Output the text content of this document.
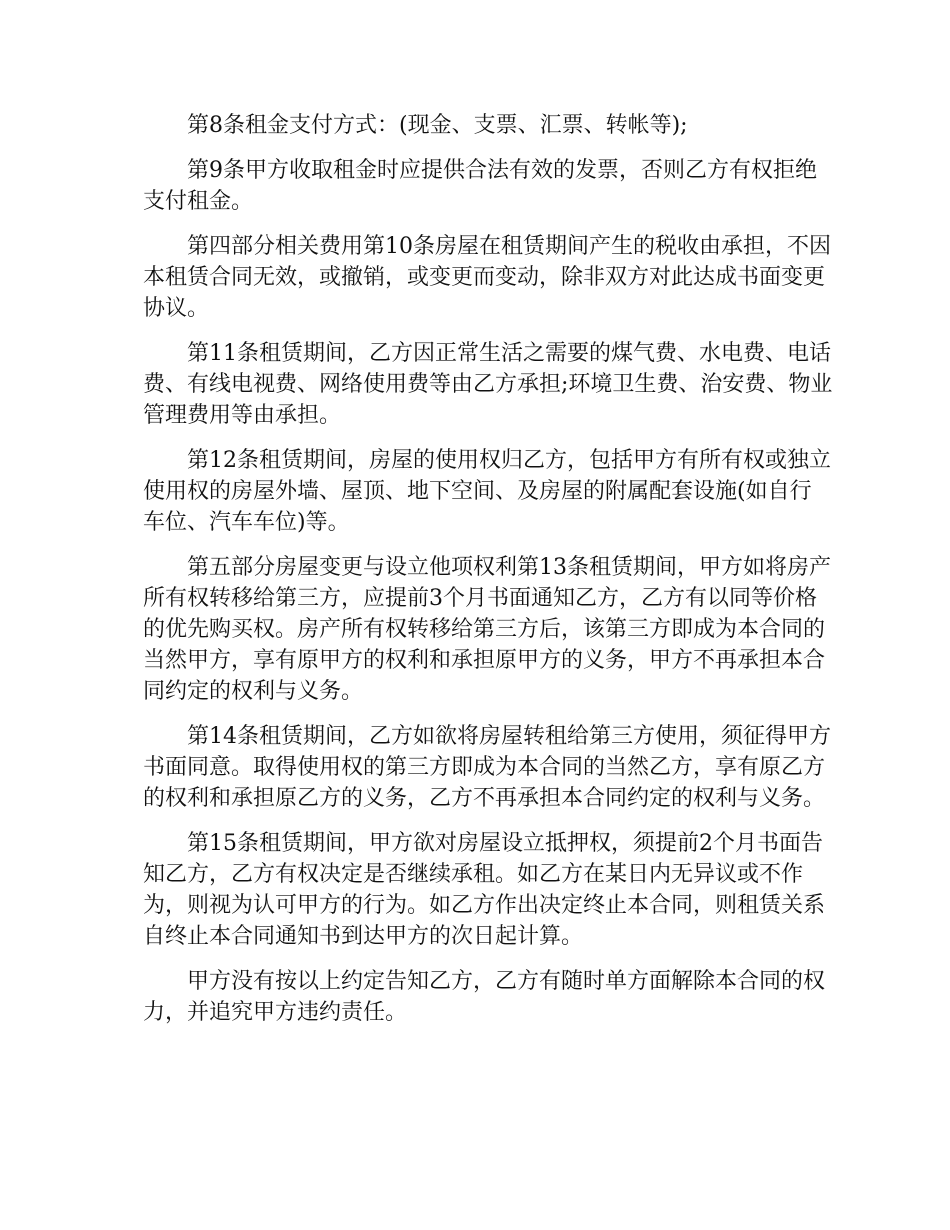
第8条租金支付方式：(现金、支票、汇票、转帐等);

第9条甲方收取租金时应提供合法有效的发票，否则乙方有权拒绝支付租金。

第四部分相关费用第10条房屋在租赁期间产生的税收由承担，不因本租赁合同无效，或撤销，或变更而变动，除非双方对此达成书面变更协议。

第11条租赁期间，乙方因正常生活之需要的煤气费、水电费、电话费、有线电视费、网络使用费等由乙方承担;环境卫生费、治安费、物业管理费用等由承担。

第12条租赁期间，房屋的使用权归乙方，包括甲方有所有权或独立使用权的房屋外墙、屋顶、地下空间、及房屋的附属配套设施(如自行车位、汽车车位)等。

第五部分房屋变更与设立他项权利第13条租赁期间，甲方如将房产所有权转移给第三方，应提前3个月书面通知乙方，乙方有以同等价格的优先购买权。房产所有权转移给第三方后，该第三方即成为本合同的当然甲方，享有原甲方的权利和承担原甲方的义务，甲方不再承担本合同约定的权利与义务。

第14条租赁期间，乙方如欲将房屋转租给第三方使用，须征得甲方书面同意。取得使用权的第三方即成为本合同的当然乙方，享有原乙方的权利和承担原乙方的义务，乙方不再承担本合同约定的权利与义务。

第15条租赁期间，甲方欲对房屋设立抵押权，须提前2个月书面告知乙方，乙方有权决定是否继续承租。如乙方在某日内无异议或不作为，则视为认可甲方的行为。如乙方作出决定终止本合同，则租赁关系自终止本合同通知书到达甲方的次日起计算。

甲方没有按以上约定告知乙方，乙方有随时单方面解除本合同的权力，并追究甲方违约责任。
